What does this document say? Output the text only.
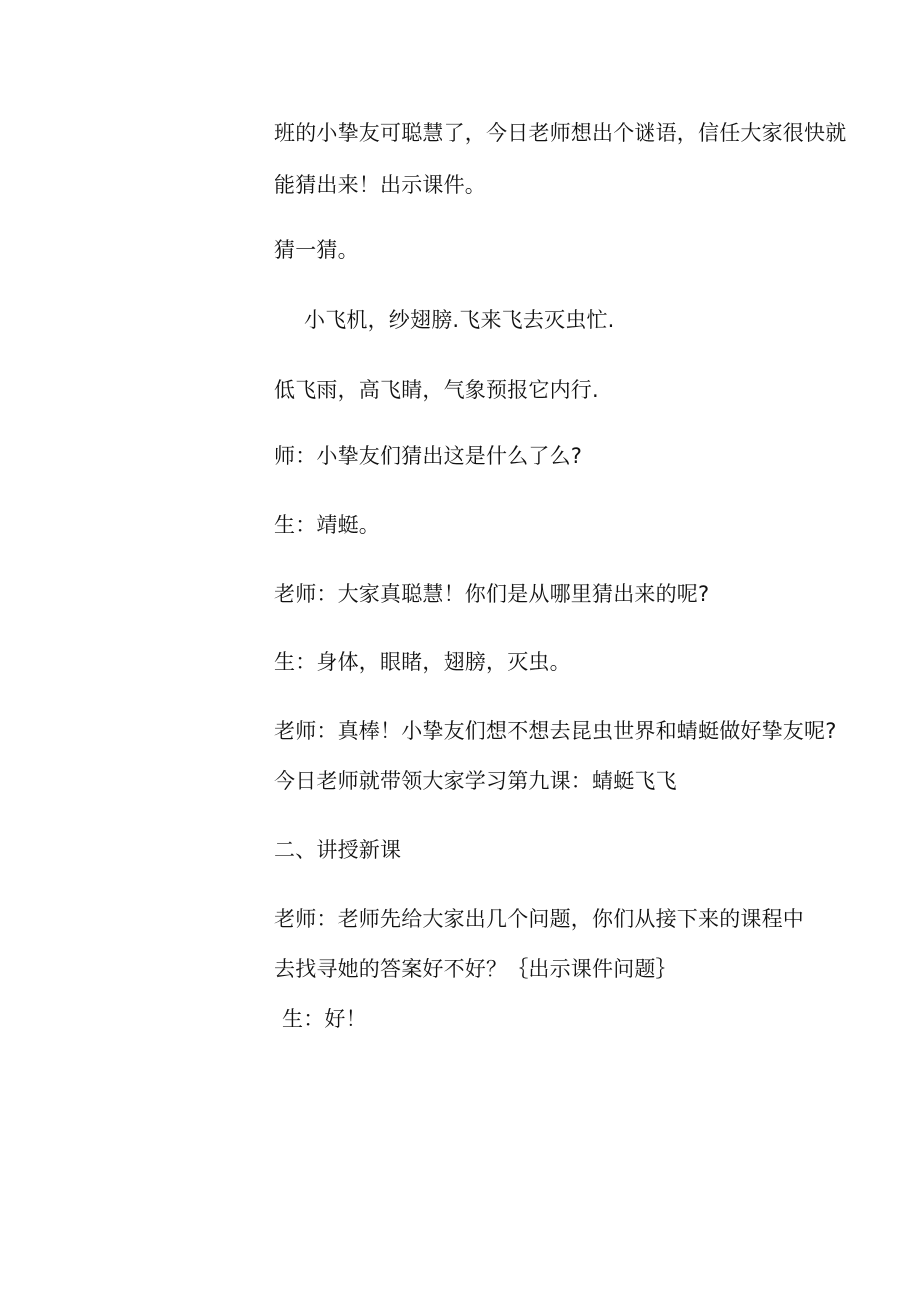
班的小挚友可聪慧了，今日老师想出个谜语，信任大家很快就
能猜出来！出示课件。
猜一猜。
小飞机，纱翅膀.飞来飞去灭虫忙.
低飞雨，高飞睛，气象预报它内行.
师：小挚友们猜出这是什么了么?
生：靖蜓。
老师：大家真聪慧！你们是从哪里猜出来的呢?
生：身体，眼睹，翅膀，灭虫。
老师：真棒！小挚友们想不想去昆虫世界和蜻蜓做好挚友呢?
今日老师就带领大家学习第九课：蜻蜓飞飞
二、讲授新课
老师：老师先给大家出几个问题，你们从接下来的课程中
去找寻她的答案好不好？｛出示课件问题｝
生：好！
